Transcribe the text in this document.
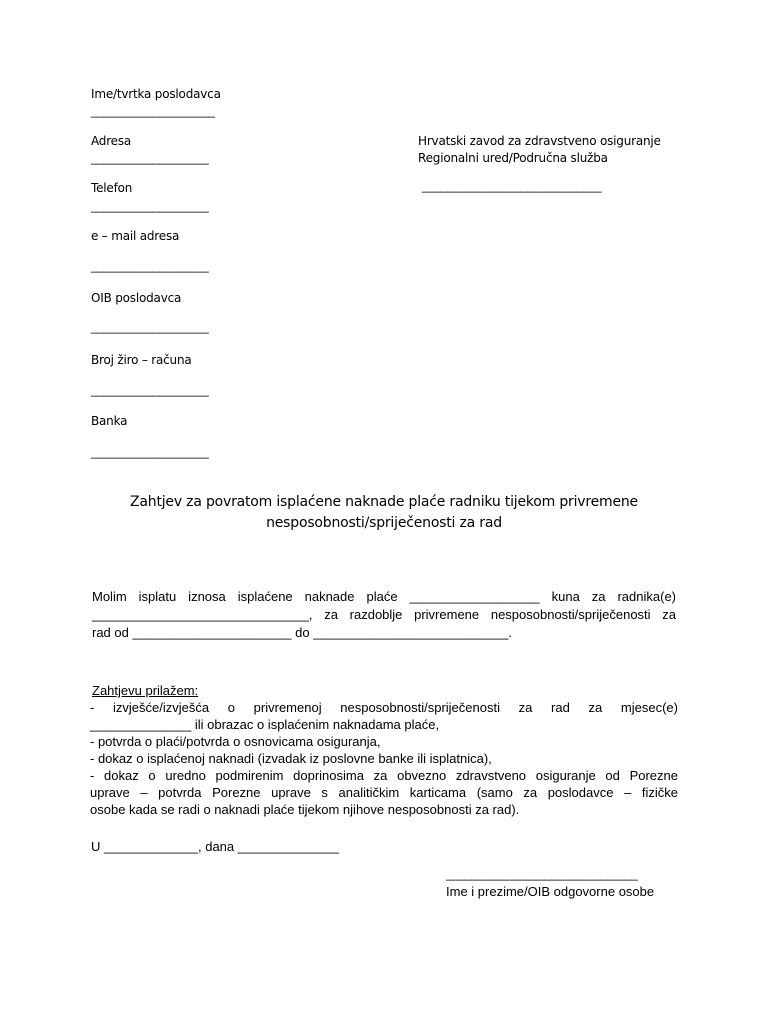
Ime/tvrtka poslodavca
____________________
Adresa
___________________
Telefon
___________________
e – mail adresa
___________________
OIB poslodavca
___________________
Broj žiro – računa
___________________
Banka
___________________
Hrvatski zavod za zdravstveno osiguranje
Regionalni ured/Područna služba
_____________________________
Zahtjev za povratom isplaćene naknade plaće radniku tijekom privremene
nesposobnosti/spriječenosti za rad
Molim isplatu iznosa isplaćene naknade plaće __________________ kuna za radnika(e)
______________________________, za razdoblje privremene nesposobnosti/spriječenosti za
rad od ______________________ do ___________________________.
Zahtjevu prilažem:
- izvješće/izvješća o privremenoj nesposobnosti/spriječenosti za rad za mjesec(e)
______________ ili obrazac o isplaćenim naknadama plaće,
- potvrda o plaći/potvrda o osnovicama osiguranja,
- dokaz o isplaćenoj naknadi (izvadak iz poslovne banke ili isplatnica),
- dokaz o uredno podmirenim doprinosima za obvezno zdravstveno osiguranje od Porezne
uprave – potvrda Porezne uprave s analitičkim karticama (samo za poslodavce – fizičke
osobe kada se radi o naknadi plaće tijekom njihove nesposobnosti za rad).
U _____________, dana ______________
_______________________________
Ime i prezime/OIB odgovorne osobe
